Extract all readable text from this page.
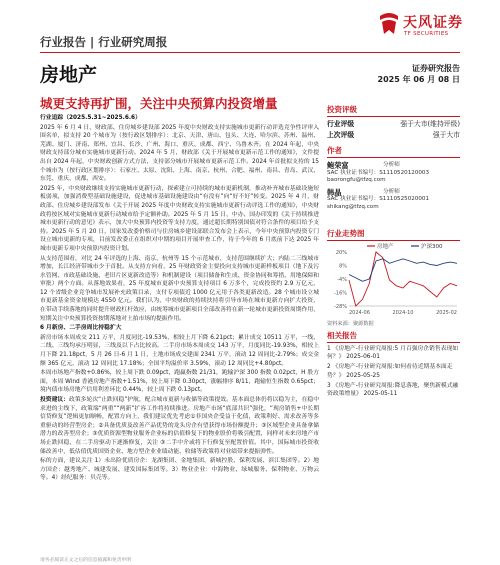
行业报告 | 行业研究周报
天风证券
TF SECURITIES
房地产	证券研究报告
2025 年 06 月 08 日
城更支持再扩围，关注中央预算内投资增量

行业追踪（2025.5.31~2025.6.6）

2025 年 6 月 4 日，财政部、住房城乡建设部 2025 年度中央财政支持实施城市更新行动评选竞争性评审入围名单，拟支持 20 个城市为（按行政区划排序）：北京、天津、唐山、包头、大连、哈尔滨、苏州、温州、芜湖、厦门、济南、郑州、宜昌、长沙、广州、海口、重庆、成都、西宁、乌鲁木齐。在 2024 年起，中央财政支持部分城市实施城市更新行动。2024 年 5 月，财政部《关于开展城市更新示范工作的通知》，文件提出自 2024 年起，中央财政创新方式方法，支持部分城市开展城市更新示范工作。2024 年首批拟支持的 15 个城市为（按行政区划排序）：石家庄、太原、沈阳、上海、南京、杭州、合肥、福州、南昌、青岛、武汉、东莞、重庆、成都、西安。

2025 年，中央财政继续支持实施城市更新行动，探索建立可持续的城市更新机制，推动补齐城市基础设施短板弱项，加强消费型基础设施建设，促进城市基础设施建设由“有没有”向“好不好”转变。2025 年 4 月，财政部、住房城乡建设部发布《关于开展 2025 年度中央财政支持实施城市更新行动评选工作的通知》，中央财政将按区域对实施城市更新行动城市给予定额补助。2025 年 5 月 15 日，中办、国办印发的《关于持续推进城市更新行动的意见》表示，加大中央预算内投资等支持力度，通过超长期特别国债对符合条件的项目给予支持。2025 年 5 月 20 日，国家发改委价格司与住房城乡建设部联合发布会上表示，今年中央预算内投资专门设立城市更新的专项，目前发改委正在组织对中期的项目开展审查工作，待于今年的 6 月底前下达 2025 年城市更新专项中央预算内投资计划。

从支持范围看，对比 24 年评选的上海、南京、杭州等 15 个示范城市，支持范围继续扩大；内陆二三线城市增加，长江经济带城市少于首批。从支持方向看，25 年财政资金主要投向支持城市更新样板项目（地下及污水管网、市政基础设施、老旧片区更新改造等）和机制建设（项目储备和生成、资金协同和筹措、用地保障和审批）两个方面。从落地效果看，25 年度城市更新中央预算支持项目 6 万多个，完成投资约 2.9 万亿元，12 个省级企业竞争城市发展补充政策目录，支付专项债近 1000 亿元用于各类更新改造。28 个城市设立城市更新基金资金规模达 4550 亿元。我们认为，中央财政的持续扶持将引导市场在城市更新方向扩大投资，在带动手续落地的同时提升财政杠杆效应，由统筹城市更新项目全部改善将在新一轮城市更新投资周期作用，短期关注中央预算投资按期落地对土拍市场的提振作用。

6 月新房、二手房周比持稳扩大

新房市场本周成交 211 万平，月度同比-19.53%，相较上月下降 6.21pct；累计成交 10511 万平，一线、二线、三线均承压明显，三线及以下占比较高。二手房市场本周成交 143 万平，月度同比-19.93%，相较上月下降 21.18pct，5 月 26 日-6 月 1 日，土地市场成交建面 2341 万平，滚动 12 周同比-2.79%；成交金额 365 亿元，滚动 12 周同比 17.18%；全国平均溢价率 3.59%，滚动 12 周同比+4.80pct。

本周市场地产指数+0.86%，较上周下跌 0.09pct，跑赢指数 21/31，跑输沪深 300 指数 0.02pct，H 股方面，本周 Wind 香港房地产指数+1.51%，较上周下降 0.30pct，涨幅排序 8/11，跑输恒生指数 0.65pct；境内债市场房地产信用利差环比 0.44%，较上周下跌 0.13pct。

投资建议：政策多轮次“止跌回稳”护航，配合城市更新与收储等政策提效。基本面总体仍将以稳为主，在稳中求进的主线下，政策端“两重”“两新”扩容工作将持续推进。房地产市场“底部共识”强化，“现房销售+中长期信贷修复”逻辑更加顺畅，配置方向上，我们建议优先考虑①非国央企受益于化债，政策利好、需求改善等多重驱动的经营型房企；②具备优质及改善产品优势的龙头房企有望获得市场份额提升；③区域型企业具备拿储潜力的改善型房企；③优质资源型物业服务企业标的估值修复下的物业股价将吸引配置，同样对未来房地产市场止跌回稳，在二手房驱动下逐渐修复，关注 ③二手中介或将下行修复至配置价值。其中，国际城市投资收储改善中，低估值优质国资企业、地方型企业业绩动能、收储等政策将对业绩带来提振弹性。

标的方面，建议关注 1）未出险优质房企：龙湖集团、金地集团、新城控股、保利发展、滨江集团等。2）地方国企：越秀地产、城建发展、建发国际集团等。3）物业企业：中海物业、绿城服务、保利物业、万物云等。4）经纪服务：贝壳等。

投资评级
行业评级	强于大市(维持评级)
上次评级	强于大市
作者
鲍荣富	分析师
SAC 执业证书编号： S1110520120003
baorongfu@tfzq.com
韩晶	分析师
SAC 执业证书编号： S1110525020001
shikang@tfzq.com
行业走势图
20%
8%
-4%
-16%
-28%
2024-06	2024-10	2025-02
房地产	沪深300
资料来源：聚源数据
相关报告
1 《房地产-行业研究周报:5 月百强房企销售表现如何？》 2025-06-01
2 《房地产-行业研究周报:如何看待近期基本面走势？》 2025-05-25
3 《房地产-行业研究周报:降息落地，聚焦新模式融资政策增量》 2025-05-11
请务必阅读正文之后的信息披露和免责申明
